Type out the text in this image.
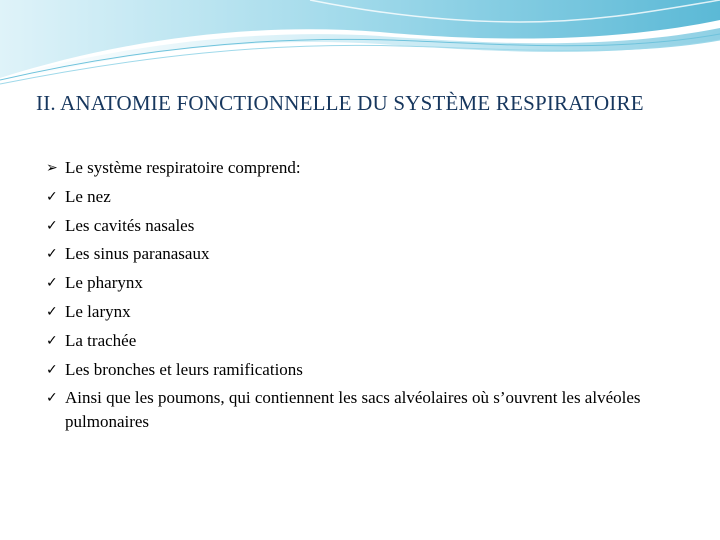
II. ANATOMIE FONCTIONNELLE DU SYSTÈME RESPIRATOIRE
➢ Le système respiratoire comprend:
✓ Le nez
✓ Les cavités nasales
✓ Les sinus paranasaux
✓ Le pharynx
✓ Le larynx
✓ La trachée
✓ Les bronches et leurs ramifications
✓ Ainsi que les poumons, qui contiennent les sacs alvéolaires où s’ouvrent les alvéoles pulmonaires
